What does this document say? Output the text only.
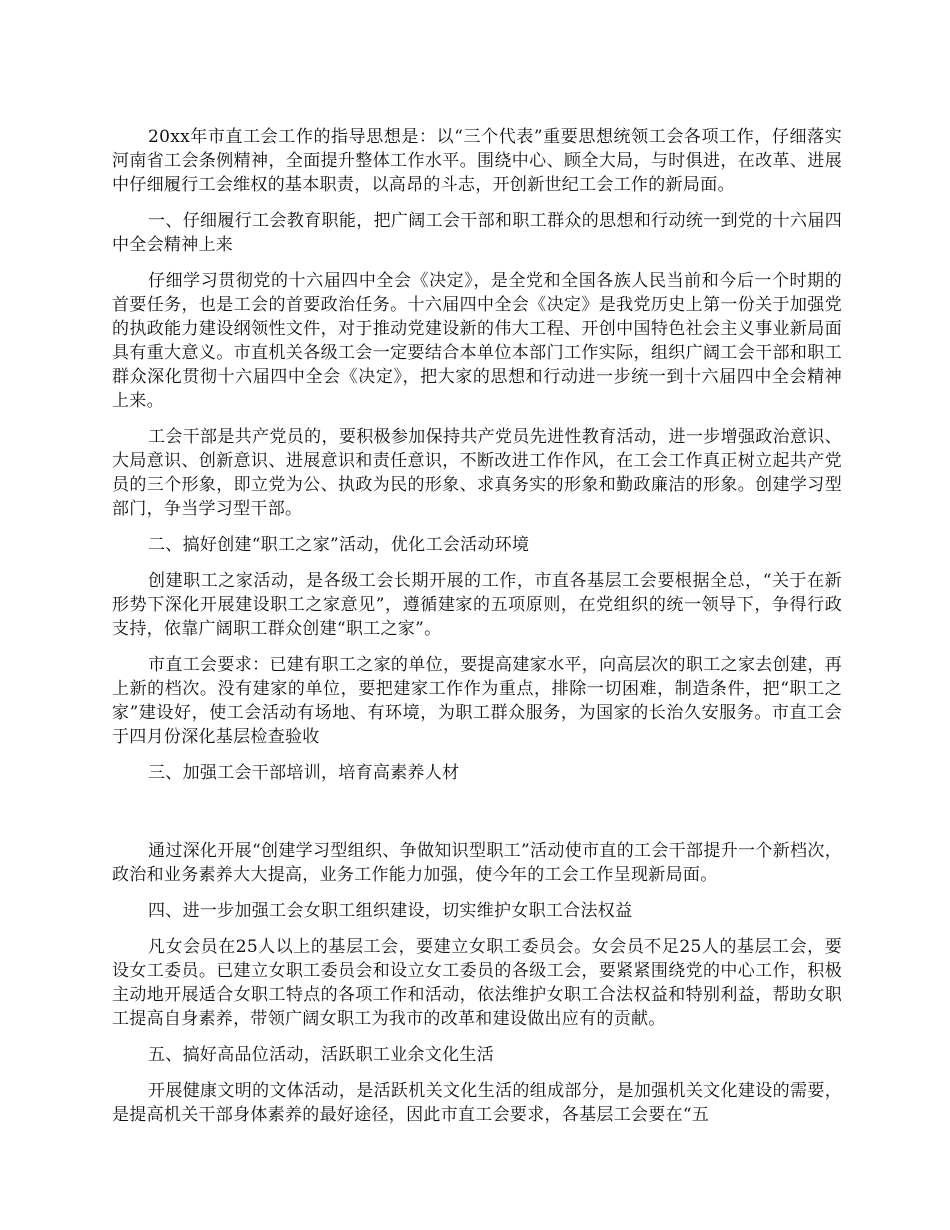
20xx年市直工会工作的指导思想是：以“三个代表”重要思想统领工会各项工作，仔细落实河南省工会条例精神，全面提升整体工作水平。围绕中心、顾全大局，与时俱进，在改革、进展中仔细履行工会维权的基本职责，以高昂的斗志，开创新世纪工会工作的新局面。

一、仔细履行工会教育职能，把广阔工会干部和职工群众的思想和行动统一到党的十六届四中全会精神上来

仔细学习贯彻党的十六届四中全会《决定》，是全党和全国各族人民当前和今后一个时期的首要任务，也是工会的首要政治任务。十六届四中全会《决定》是我党历史上第一份关于加强党的执政能力建设纲领性文件，对于推动党建设新的伟大工程、开创中国特色社会主义事业新局面具有重大意义。市直机关各级工会一定要结合本单位本部门工作实际，组织广阔工会干部和职工群众深化贯彻十六届四中全会《决定》，把大家的思想和行动进一步统一到十六届四中全会精神上来。

工会干部是共产党员的，要积极参加保持共产党员先进性教育活动，进一步增强政治意识、大局意识、创新意识、进展意识和责任意识，不断改进工作作风，在工会工作真正树立起共产党员的三个形象，即立党为公、执政为民的形象、求真务实的形象和勤政廉洁的形象。创建学习型部门，争当学习型干部。

二、搞好创建“职工之家”活动，优化工会活动环境

创建职工之家活动，是各级工会长期开展的工作，市直各基层工会要根据全总，“关于在新形势下深化开展建设职工之家意见”，遵循建家的五项原则，在党组织的统一领导下，争得行政支持，依靠广阔职工群众创建“职工之家”。

市直工会要求：已建有职工之家的单位，要提高建家水平，向高层次的职工之家去创建，再上新的档次。没有建家的单位，要把建家工作作为重点，排除一切困难，制造条件，把“职工之家”建设好，使工会活动有场地、有环境，为职工群众服务，为国家的长治久安服务。市直工会于四月份深化基层检查验收

三、加强工会干部培训，培育高素养人材

通过深化开展“创建学习型组织、争做知识型职工”活动使市直的工会干部提升一个新档次，政治和业务素养大大提高，业务工作能力加强，使今年的工会工作呈现新局面。

四、进一步加强工会女职工组织建设，切实维护女职工合法权益

凡女会员在25人以上的基层工会，要建立女职工委员会。女会员不足25人的基层工会，要设女工委员。已建立女职工委员会和设立女工委员的各级工会，要紧紧围绕党的中心工作，积极主动地开展适合女职工特点的各项工作和活动，依法维护女职工合法权益和特别利益，帮助女职工提高自身素养，带领广阔女职工为我市的改革和建设做出应有的贡献。

五、搞好高品位活动，活跃职工业余文化生活

开展健康文明的文体活动，是活跃机关文化生活的组成部分，是加强机关文化建设的需要，是提高机关干部身体素养的最好途径，因此市直工会要求，各基层工会要在“五
